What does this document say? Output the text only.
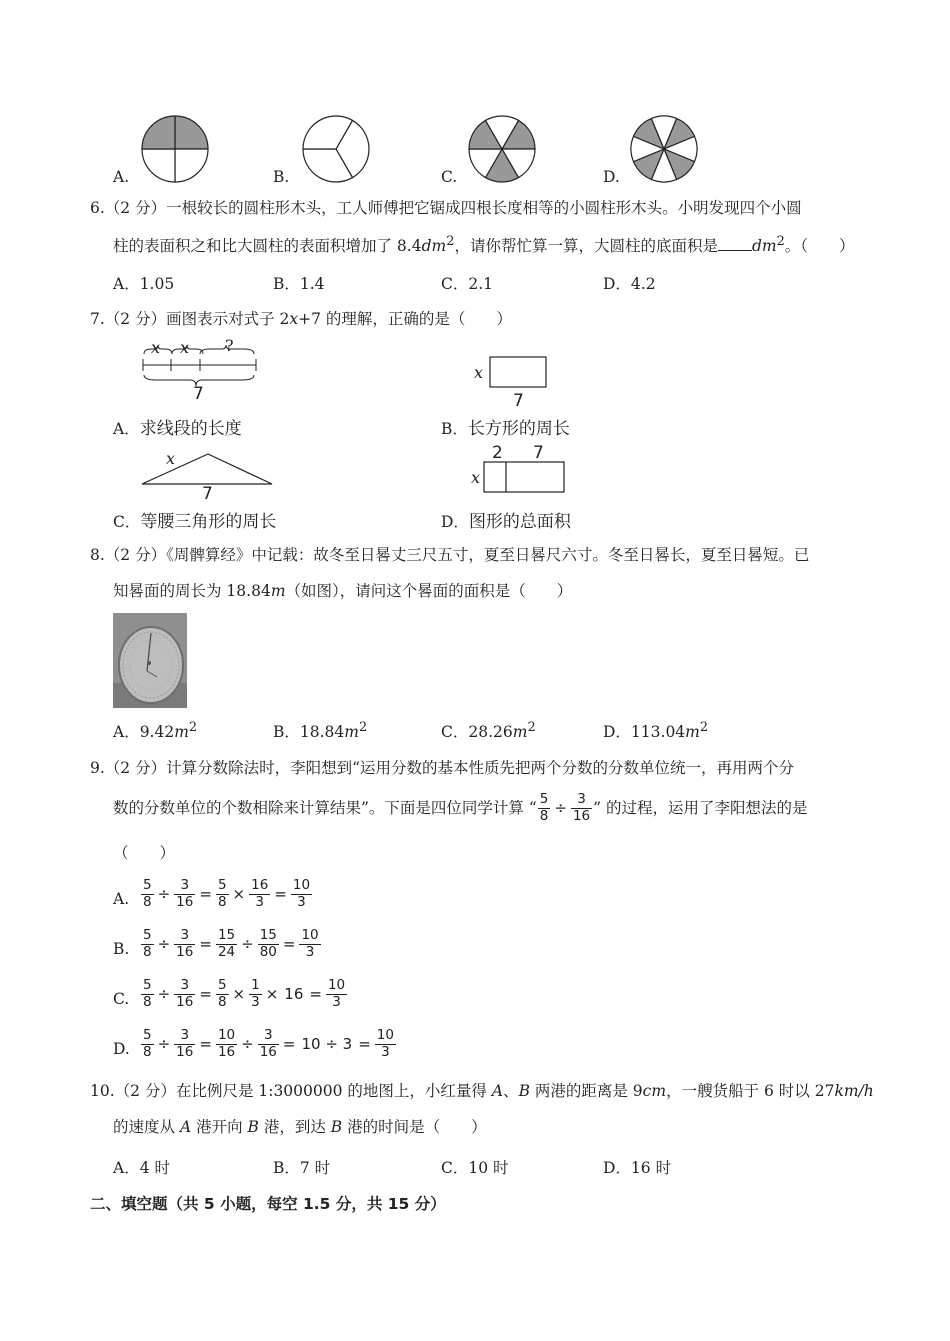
A.	B.	C.	D.
6.（2 分）一根较长的圆柱形木头，工人师傅把它锯成四根长度相等的小圆柱形木头。小明发现四个小圆
柱的表面积之和比大圆柱的表面积增加了 $8.4dm^2$，请你帮忙算一算，大圆柱的底面积是 $dm^2$。（　　）
A．1.05	B．1.4	C．2.1	D．4.2
7.（2 分）画图表示对式子 2x+7 的理解，正确的是（　　）
x x ?
7
A．求线段的长度
x
7
B．长方形的周长
x
7
C．等腰三角形的周长
2 7
x
D．图形的总面积
8.（2 分）《周髀算经》中记载：故冬至日晷丈三尺五寸，夏至日晷尺六寸。冬至日晷长，夏至日晷短。已
知晷面的周长为 18.84m（如图），请问这个晷面的面积是（　　）
A．$9.42m^2$	B．$18.84m^2$	C．$28.26m^2$	D．$113.04m^2$
9.（2 分）计算分数除法时，李阳想到“运用分数的基本性质先把两个分数的分数单位统一，再用两个分
数的分数单位的个数相除来计算结果”。下面是四位同学计算 “ $\frac{5}{8} \div \frac{3}{16}$ ” 的过程，运用了李阳想法的是
（　　）
A. $\frac{5}{8} \div \frac{3}{16} = \frac{5}{8} \times \frac{16}{3} = \frac{10}{3}$
B. $\frac{5}{8} \div \frac{3}{16} = \frac{15}{24} \div \frac{15}{80} = \frac{10}{3}$
C. $\frac{5}{8} \div \frac{3}{16} = \frac{5}{8} \times \frac{1}{3} \times 16 = \frac{10}{3}$
D. $\frac{5}{8} \div \frac{3}{16} = \frac{10}{16} \div \frac{3}{16} = 10 \div 3 = \frac{10}{3}$
10.（2 分）在比例尺是 1:3000000 的地图上，小红量得 A、B 两港的距离是 9cm，一艘货船于 6 时以 27km/h
的速度从 A 港开向 B 港，到达 B 港的时间是（　　）
A．4 时	B．7 时	C．10 时	D．16 时
二、填空题（共 5 小题，每空 1.5 分，共 15 分）
